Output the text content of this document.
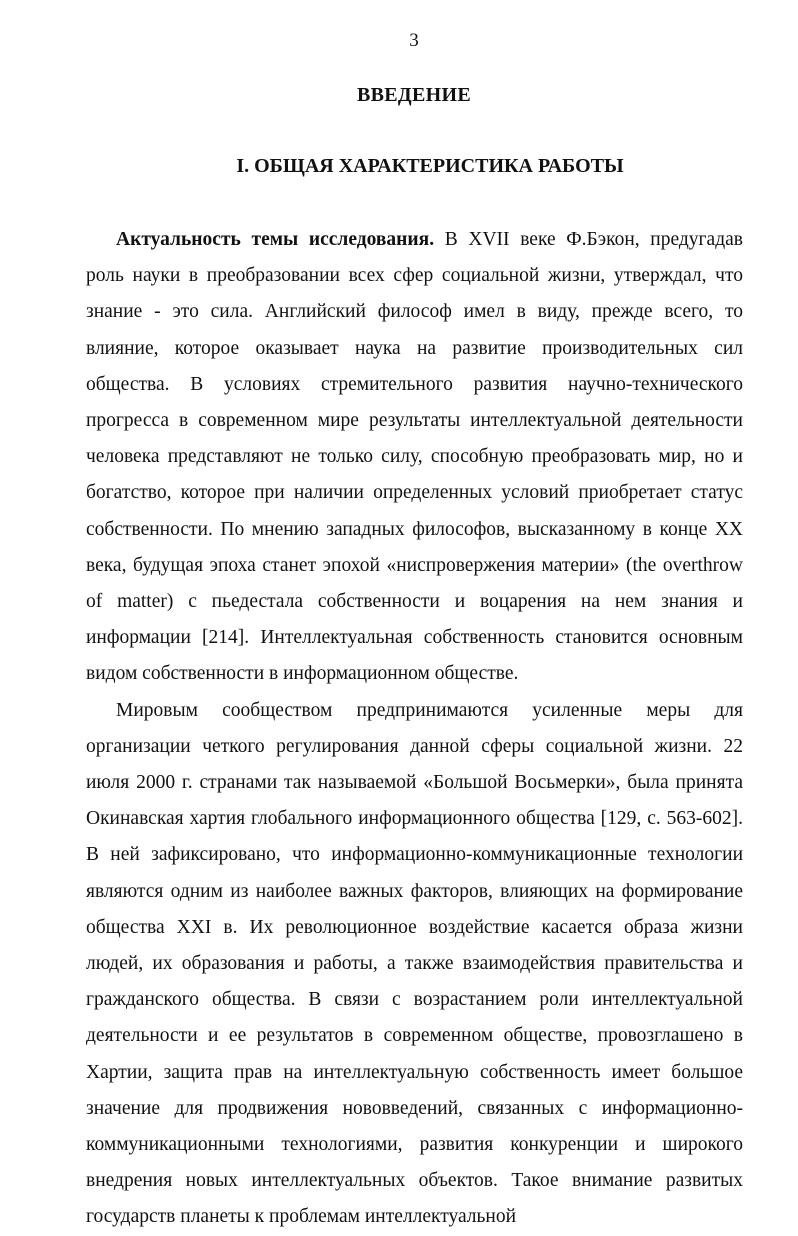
3
ВВЕДЕНИЕ
I. ОБЩАЯ ХАРАКТЕРИСТИКА РАБОТЫ

Актуальность темы исследования. В XVII веке Ф.Бэкон, предугадав роль науки в преобразовании всех сфер социальной жизни, утверждал, что знание - это сила. Английский философ имел в виду, прежде всего, то влияние, которое оказывает наука на развитие производительных сил общества. В условиях стремительного развития научно-технического прогресса в современном мире результаты интеллектуальной деятельности человека представляют не только силу, способную преобразовать мир, но и богатство, которое при наличии определенных условий приобретает статус собственности. По мнению западных философов, высказанному в конце XX века, будущая эпоха станет эпохой «ниспровержения материи» (the overthrow of matter) с пьедестала собственности и воцарения на нем знания и информации [214]. Интеллектуальная собственность становится основным видом собственности в информационном обществе.

Мировым сообществом предпринимаются усиленные меры для организации четкого регулирования данной сферы социальной жизни. 22 июля 2000 г. странами так называемой «Большой Восьмерки», была принята Окинавская хартия глобального информационного общества [129, с. 563-602]. В ней зафиксировано, что информационно-коммуникационные технологии являются одним из наиболее важных факторов, влияющих на формирование общества XXI в. Их революционное воздействие касается образа жизни людей, их образования и работы, а также взаимодействия правительства и гражданского общества. В связи с возрастанием роли интеллектуальной деятельности и ее результатов в современном обществе, провозглашено в Хартии, защита прав на интеллектуальную собственность имеет большое значение для продвижения нововведений, связанных с информационно-коммуникационными технологиями, развития конкуренции и широкого внедрения новых интеллектуальных объектов. Такое внимание развитых государств планеты к проблемам интеллектуальной
